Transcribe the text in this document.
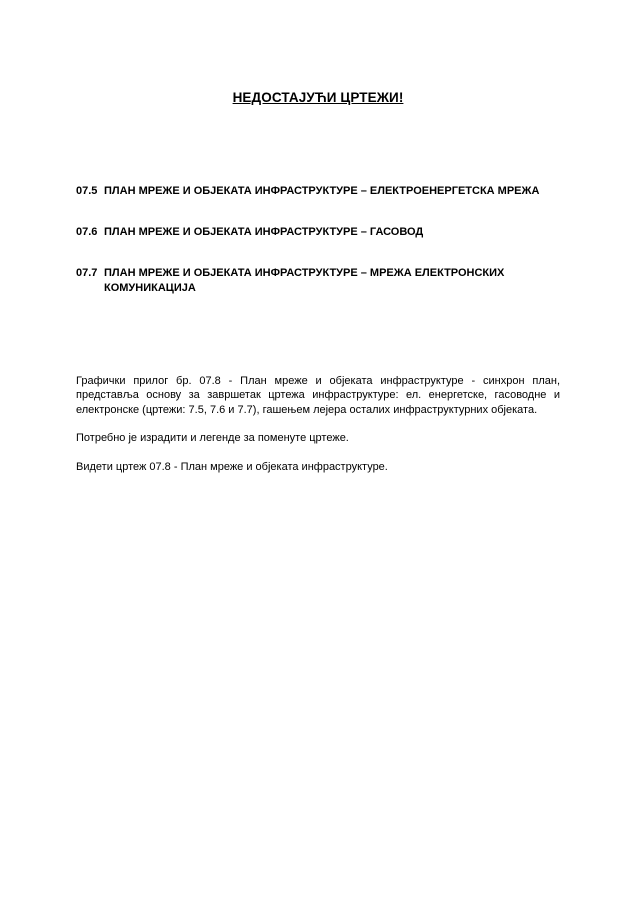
НЕДОСТАЈУЋИ ЦРТЕЖИ!
07.5 ПЛАН МРЕЖЕ И ОБЈЕКАТА ИНФРАСТРУКТУРЕ – ЕЛЕКТРОЕНЕРГЕТСКА МРЕЖА
07.6 ПЛАН МРЕЖЕ И ОБЈЕКАТА ИНФРАСТРУКТУРЕ – ГАСОВОД
07.7 ПЛАН МРЕЖЕ И ОБЈЕКАТА ИНФРАСТРУКТУРЕ – МРЕЖА ЕЛЕКТРОНСКИХ КОМУНИКАЦИЈА

Графички прилог бр. 07.8 - План мреже и објеката инфраструктуре - синхрон план, представља основу за завршетак цртежа инфраструктуре: ел. енергетске, гасоводне и електронске (цртежи: 7.5, 7.6 и 7.7), гашењем лејера осталих инфраструктурних објеката.

Потребно је израдити и легенде за поменуте цртеже.

Видети цртеж 07.8 - План мреже и објеката инфраструктуре.
